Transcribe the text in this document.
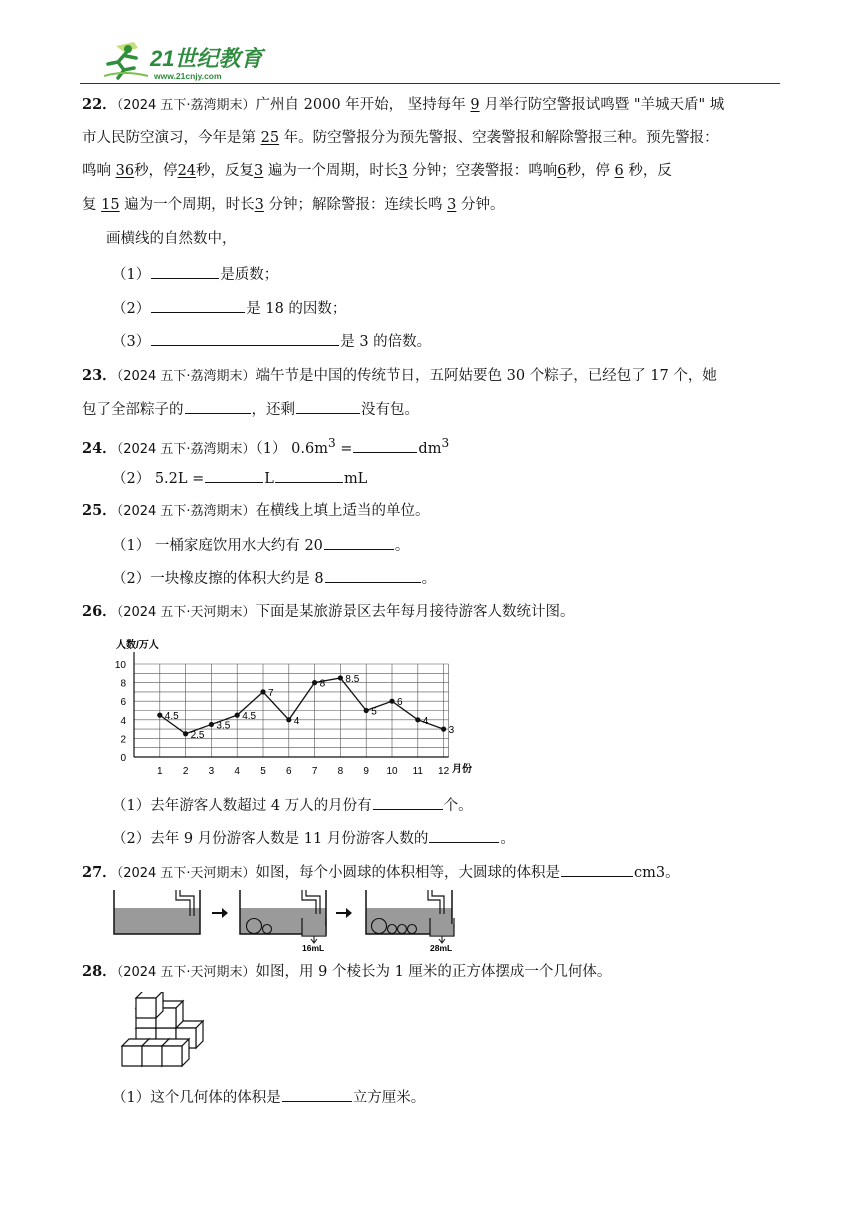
21世纪教育
www.21cnjy.com
22．（2024 五下·荔湾期末）广州自 2000 年开始， 坚持每年 9 月举行防空警报试鸣暨 "羊城天盾" 城
市人民防空演习，今年是第 25 年。防空警报分为预先警报、空袭警报和解除警报三种。预先警报：
鸣响 36秒，停24秒，反复3 遍为一个周期，时长3 分钟；空袭警报：鸣响6秒，停 6 秒，反
复 15 遍为一个周期，时长3 分钟；解除警报：连续长鸣 3 分钟。
画横线的自然数中，
（1）	是质数；
（2）	是 18 的因数；
（3）	是 3 的倍数。
23．（2024 五下·荔湾期末）端午节是中国的传统节日，五阿姑要色 30 个粽子，已经包了 17 个，她
包了全部粽子的	，还剩	没有包。
24．（2024 五下·荔湾期末）（1） $0.6m^3$ =	$dm^3$
（2） 5.2L =	L	mL
25．（2024 五下·荔湾期末）在横线上填上适当的单位。
（1） 一桶家庭饮用水大约有 20	。
（2）一块橡皮擦的体积大约是 8	。
26．（2024 五下·天河期末）下面是某旅游景区去年每月接待游客人数统计图。
人数/万人
月份
0
2
4
6
8
10
1 2 3 4 5 6 7 8 9 10 11 12
4.5
2.5
3.5
4.5
7
4
8 8.5
5
6
4
3
（1）去年游客人数超过 4 万人的月份有	个。
（2）去年 9 月份游客人数是 11 月份游客人数的	。
27．（2024 五下·天河期末）如图，每个小圆球的体积相等，大圆球的体积是	cm3。
16mL	28mL
28．（2024 五下·天河期末）如图，用 9 个棱长为 1 厘米的正方体摆成一个几何体。
（1）这个几何体的体积是	立方厘米。
